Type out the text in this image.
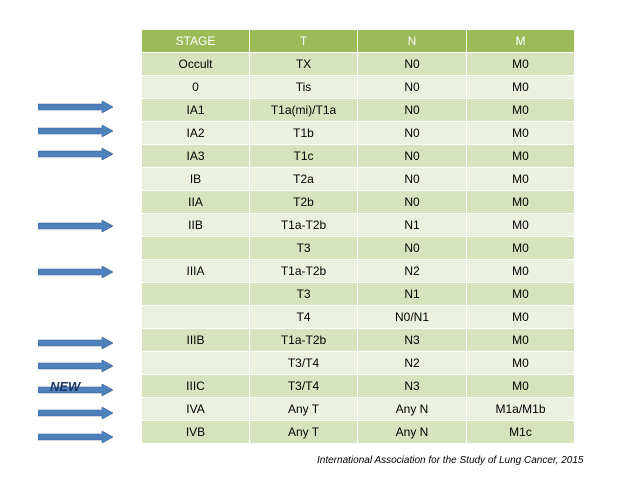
STAGE	T	N	M
Occult	TX	N0	M0
0	Tis	N0	M0
IA1	T1a(mi)/T1a	N0	M0
IA2	T1b	N0	M0
IA3	T1c	N0	M0
IB	T2a	N0	M0
IIA	T2b	N0	M0
IIB	T1a-T2b	N1	M0
	T3	N0	M0
IIIA	T1a-T2b	N2	M0
	T3	N1	M0
	T4	N0/N1	M0
IIIB	T1a-T2b	N3	M0
	T3/T4	N2	M0
IIIC	T3/T4	N3	M0
IVA	Any T	Any N	M1a/M1b
IVB	Any T	Any N	M1c
NEW
International Association for the Study of Lung Cancer, 2015
